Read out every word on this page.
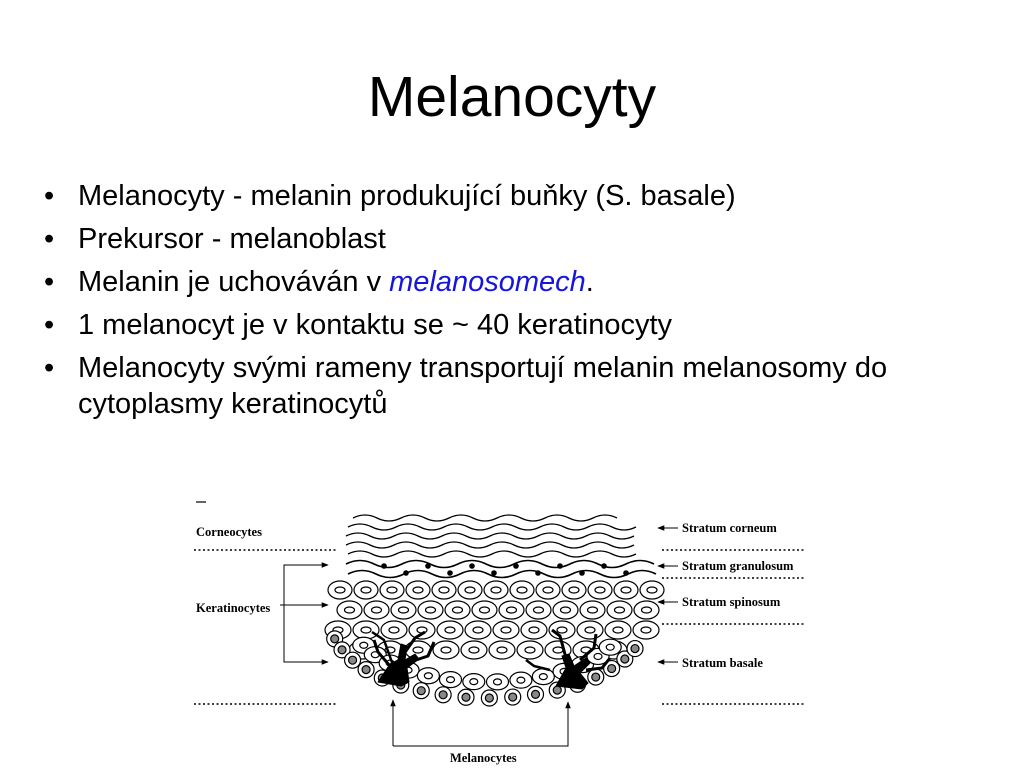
Melanocyty
• Melanocyty - melanin produkující buňky (S. basale)
• Prekursor - melanoblast
• Melanin je uchováván v melanosomech.
• 1 melanocyt je v kontaktu se ~ 40 keratinocyty
• Melanocyty svými rameny transportují melanin melanosomy do cytoplasmy keratinocytů
Corneocytes
Keratinocytes
Stratum corneum
Stratum granulosum
Stratum spinosum
Stratum basale
Melanocytes
